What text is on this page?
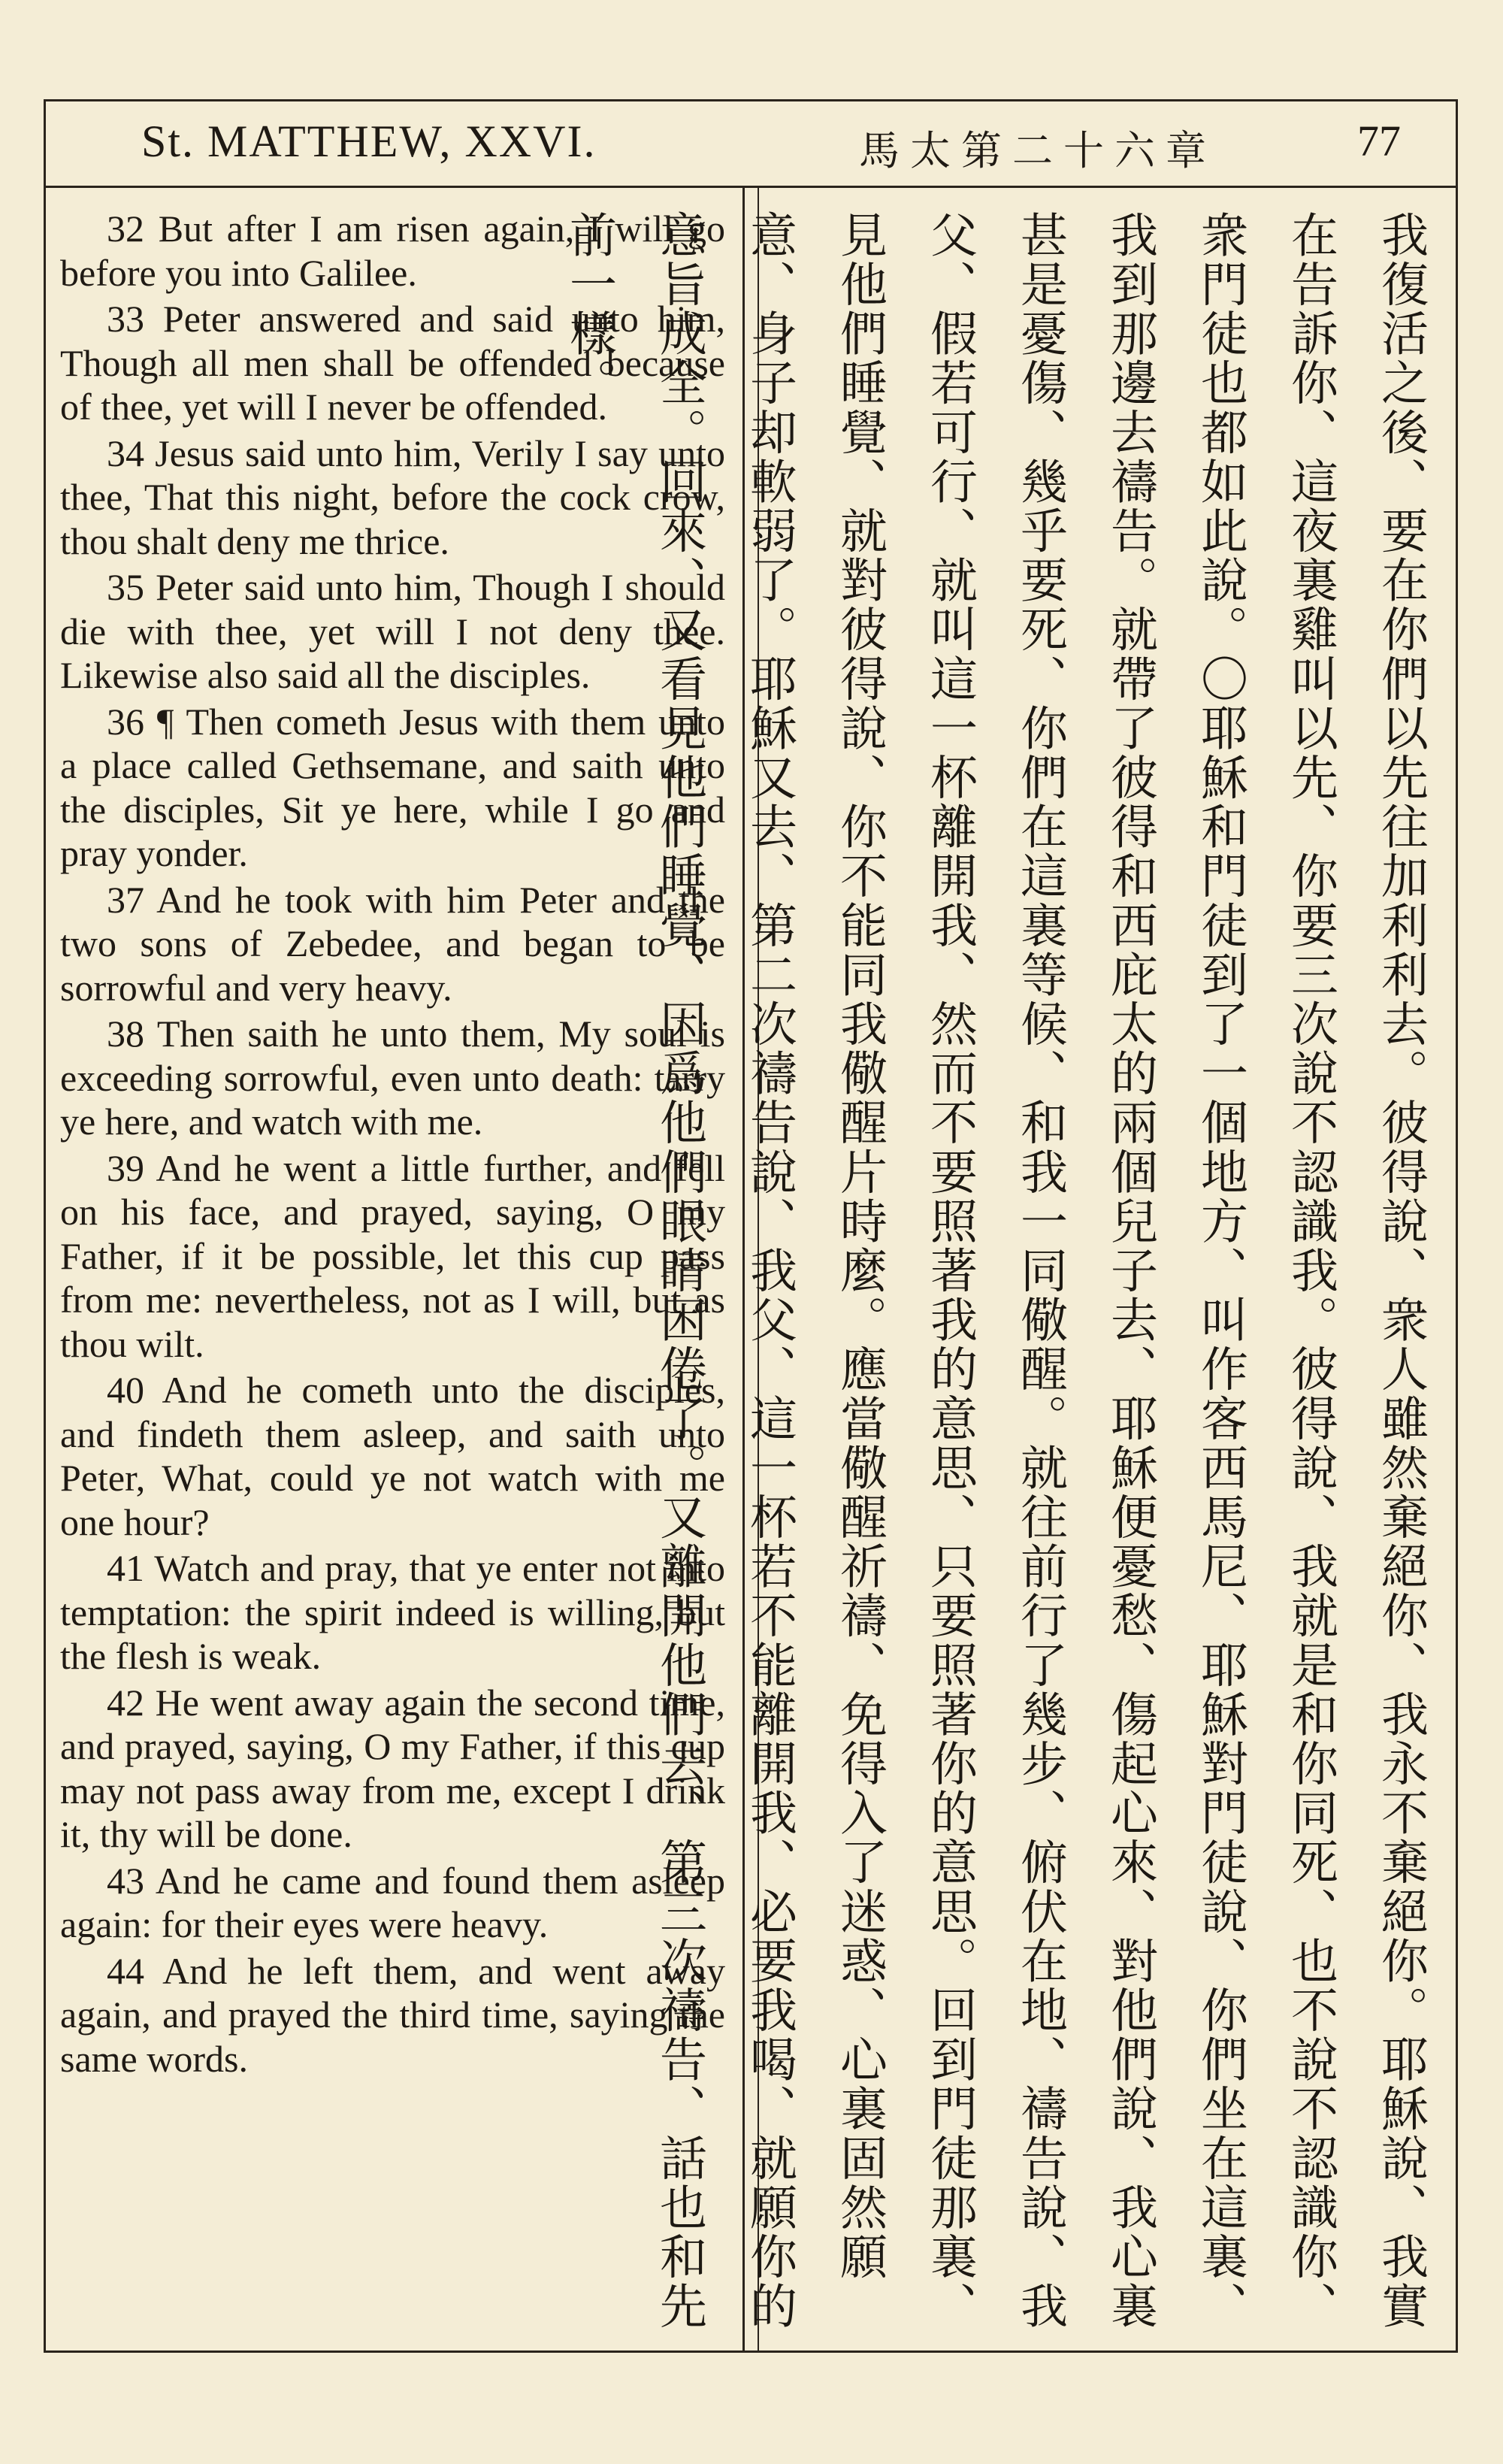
St. MATTHEW, XXVI.	馬太第二十六章	77

32 But after I am risen again, I will go before you into Galilee.

33 Peter answered and said unto him, Though all men shall be offended because of thee, yet will I never be offended.

34 Jesus said unto him, Verily I say unto thee, That this night, before the cock crow, thou shalt deny me thrice.

35 Peter said unto him, Though I should die with thee, yet will I not deny thee. Likewise also said all the disciples.

36 ¶ Then cometh Jesus with them unto a place called Gethsemane, and saith unto the disciples, Sit ye here, while I go and pray yonder.

37 And he took with him Peter and the two sons of Zebedee, and began to be sorrowful and very heavy.

38 Then saith he unto them, My soul is exceeding sorrowful, even unto death: tarry ye here, and watch with me.

39 And he went a little further, and fell on his face, and prayed, saying, O my Father, if it be possible, let this cup pass from me: nevertheless, not as I will, but as thou wilt.

40 And he cometh unto the disciples, and findeth them asleep, and saith unto Peter, What, could ye not watch with me one hour?

41 Watch and pray, that ye enter not into temptation: the spirit indeed is willing, but the flesh is weak.

42 He went away again the second time, and prayed, saying, O my Father, if this cup may not pass away from me, except I drink it, thy will be done.

43 And he came and found them asleep again: for their eyes were heavy.

44 And he left them, and went away again, and prayed the third time, saying the same words.	我復活之後、要在你們以先往加利利去。彼得說、衆人雖然棄絕你、我永不棄絕你。耶穌說、我實在告訴你、這夜裏雞叫以先、你要三次說不認識我。彼得說、我就是和你同死、也不說不認識你、衆門徒也都如此說。〇耶穌和門徒到了一個地方、叫作客西馬尼、耶穌對門徒說、你們坐在這裏、我到那邊去禱告。就帶了彼得和西庇太的兩個兒子去、耶穌便憂愁、傷起心來、對他們說、我心裏甚是憂傷、幾乎要死、你們在這裏等候、和我一同儆醒。就往前行了幾步、俯伏在地、禱告說、我父、假若可行、就叫這一杯離開我、然而不要照著我的意思、只要照著你的意思。回到門徒那裏、見他們睡覺、就對彼得說、你不能同我儆醒片時麼。應當儆醒祈禱、免得入了迷惑、心裏固然願意、身子却軟弱了。耶穌又去、第二次禱告說、我父、這一杯若不能離開我、必要我喝、就願你的意旨成全。回來、又看見他們睡覺、因爲他們眼睛困倦了。又離開他們去、第三次禱告、話也和先前一樣。
